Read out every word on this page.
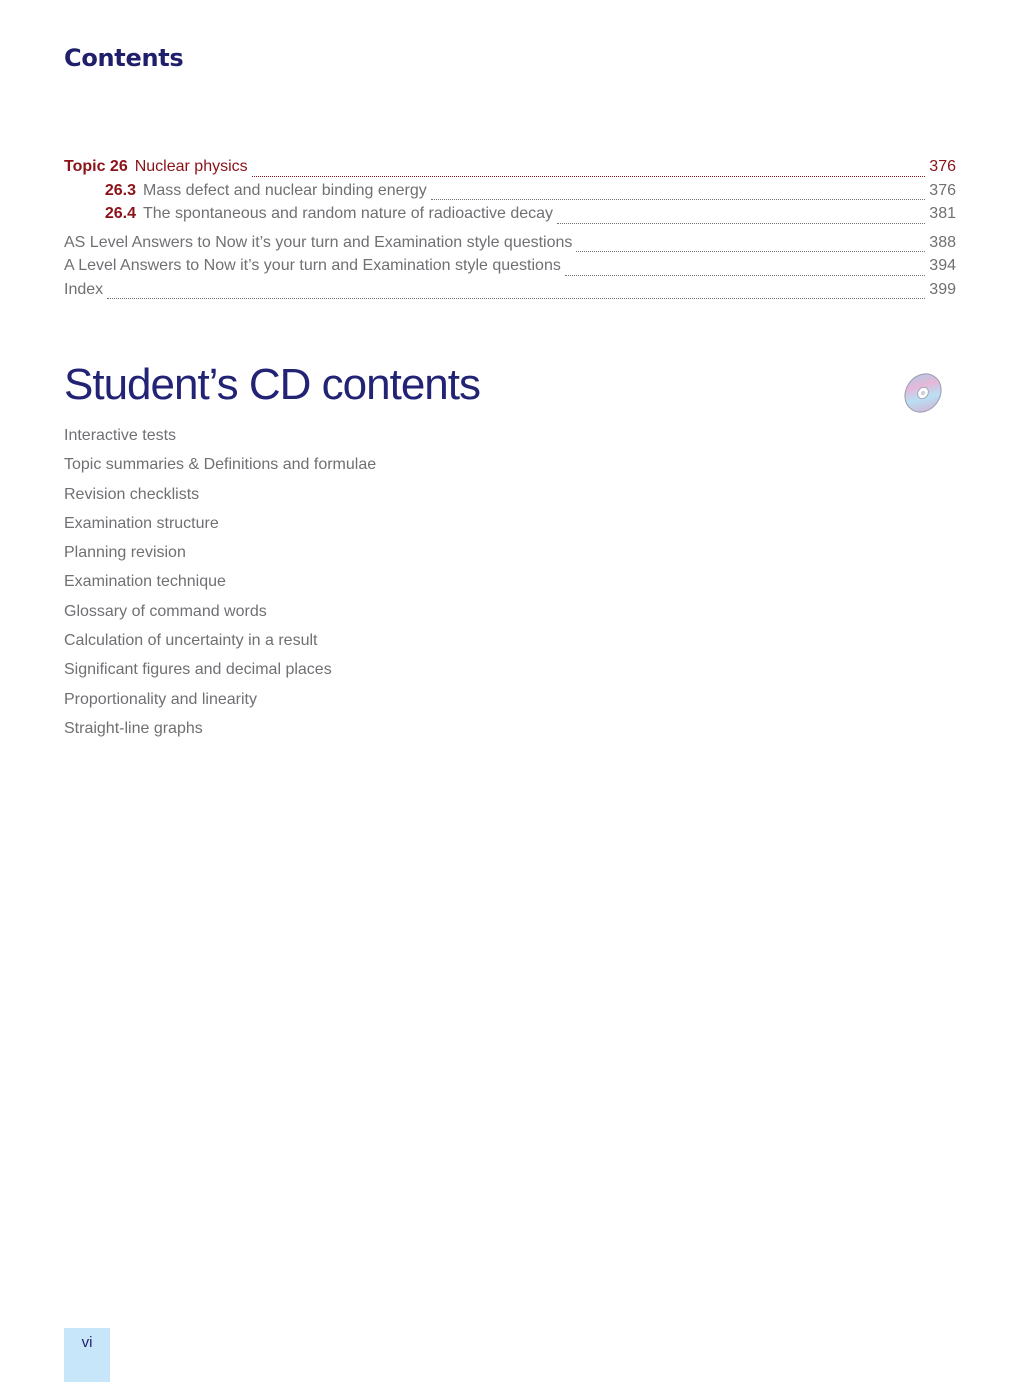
Contents
Topic 26 Nuclear physics	376
26.3 Mass defect and nuclear binding energy	376
26.4 The spontaneous and random nature of radioactive decay	381
AS Level Answers to Now it’s your turn and Examination style questions	388
A Level Answers to Now it’s your turn and Examination style questions	394
Index	399
Student’s CD contents
Interactive tests
Topic summaries & Definitions and formulae
Revision checklists
Examination structure
Planning revision
Examination technique
Glossary of command words
Calculation of uncertainty in a result
Significant figures and decimal places
Proportionality and linearity
Straight-line graphs
vi
